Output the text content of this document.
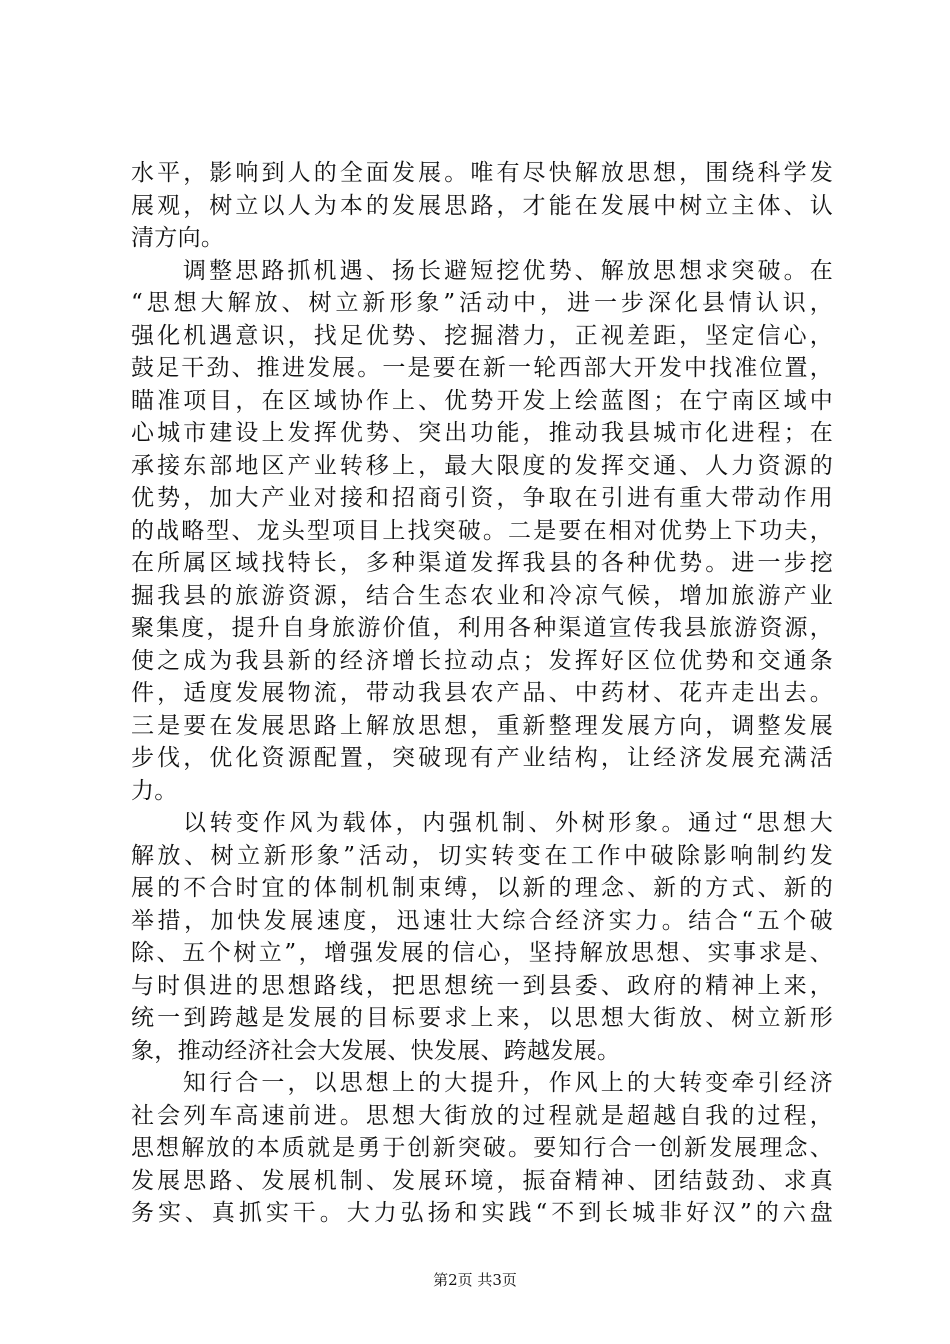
水平，影响到人的全面发展。唯有尽快解放思想，围绕科学发
展观，树立以人为本的发展思路，才能在发展中树立主体、认
清方向。
调整思路抓机遇、扬长避短挖优势、解放思想求突破。在
“思想大解放、树立新形象”活动中，进一步深化县情认识，
强化机遇意识，找足优势、挖掘潜力，正视差距，坚定信心，
鼓足干劲、推进发展。一是要在新一轮西部大开发中找准位置，
瞄准项目，在区域协作上、优势开发上绘蓝图；在宁南区域中
心城市建设上发挥优势、突出功能，推动我县城市化进程；在
承接东部地区产业转移上，最大限度的发挥交通、人力资源的
优势，加大产业对接和招商引资，争取在引进有重大带动作用
的战略型、龙头型项目上找突破。二是要在相对优势上下功夫，
在所属区域找特长，多种渠道发挥我县的各种优势。进一步挖
掘我县的旅游资源，结合生态农业和冷凉气候，增加旅游产业
聚集度，提升自身旅游价值，利用各种渠道宣传我县旅游资源，
使之成为我县新的经济增长拉动点；发挥好区位优势和交通条
件，适度发展物流，带动我县农产品、中药材、花卉走出去。
三是要在发展思路上解放思想，重新整理发展方向，调整发展
步伐，优化资源配置，突破现有产业结构，让经济发展充满活
力。
以转变作风为载体，内强机制、外树形象。通过“思想大
解放、树立新形象”活动，切实转变在工作中破除影响制约发
展的不合时宜的体制机制束缚，以新的理念、新的方式、新的
举措，加快发展速度，迅速壮大综合经济实力。结合“五个破
除、五个树立”，增强发展的信心，坚持解放思想、实事求是、
与时俱进的思想路线，把思想统一到县委、政府的精神上来，
统一到跨越是发展的目标要求上来，以思想大街放、树立新形
象，推动经济社会大发展、快发展、跨越发展。
知行合一，以思想上的大提升，作风上的大转变牵引经济
社会列车高速前进。思想大街放的过程就是超越自我的过程，
思想解放的本质就是勇于创新突破。要知行合一创新发展理念、
发展思路、发展机制、发展环境，振奋精神、团结鼓劲、求真
务实、真抓实干。大力弘扬和实践“不到长城非好汉”的六盘
第2页 共3页
